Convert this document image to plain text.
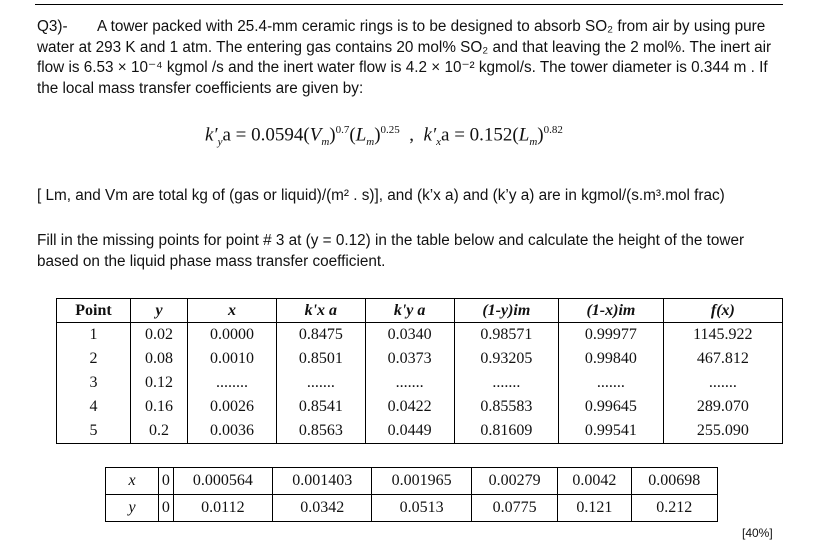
Q3)- A tower packed with 25.4-mm ceramic rings is to be designed to absorb SO₂ from air by using pure water at 293 K and 1 atm. The entering gas contains 20 mol% SO₂ and that leaving the 2 mol%. The inert air flow is 6.53 × 10⁻⁴ kgmol /s and the inert water flow is 4.2 × 10⁻² kgmol/s. The tower diameter is 0.344 m . If the local mass transfer coefficients are given by:
$k'_ya = 0.0594(V_m)^{0.7}(L_m)^{0.25}$  ,  $k'_xa = 0.152(L_m)^{0.82}$
[ Lm, and Vm are total kg of (gas or liquid)/(m² . s)], and (k’x a) and (k’y a) are in kgmol/(s.m³.mol frac)
Fill in the missing points for point # 3 at (y = 0.12) in the table below and calculate the height of the tower based on the liquid phase mass transfer coefficient.
Point	y	x	k'x a	k'y a	(1-y)im	(1-x)im	f(x)
1	0.02	0.0000	0.8475	0.0340	0.98571	0.99977	1145.922
2	0.08	0.0010	0.8501	0.0373	0.93205	0.99840	467.812
3	0.12	........	.......	.......	.......	.......	.......
4	0.16	0.0026	0.8541	0.0422	0.85583	0.99645	289.070
5	0.2	0.0036	0.8563	0.0449	0.81609	0.99541	255.090
x	0	0.000564	0.001403	0.001965	0.00279	0.0042	0.00698
y	0	0.0112	0.0342	0.0513	0.0775	0.121	0.212
[40%]
